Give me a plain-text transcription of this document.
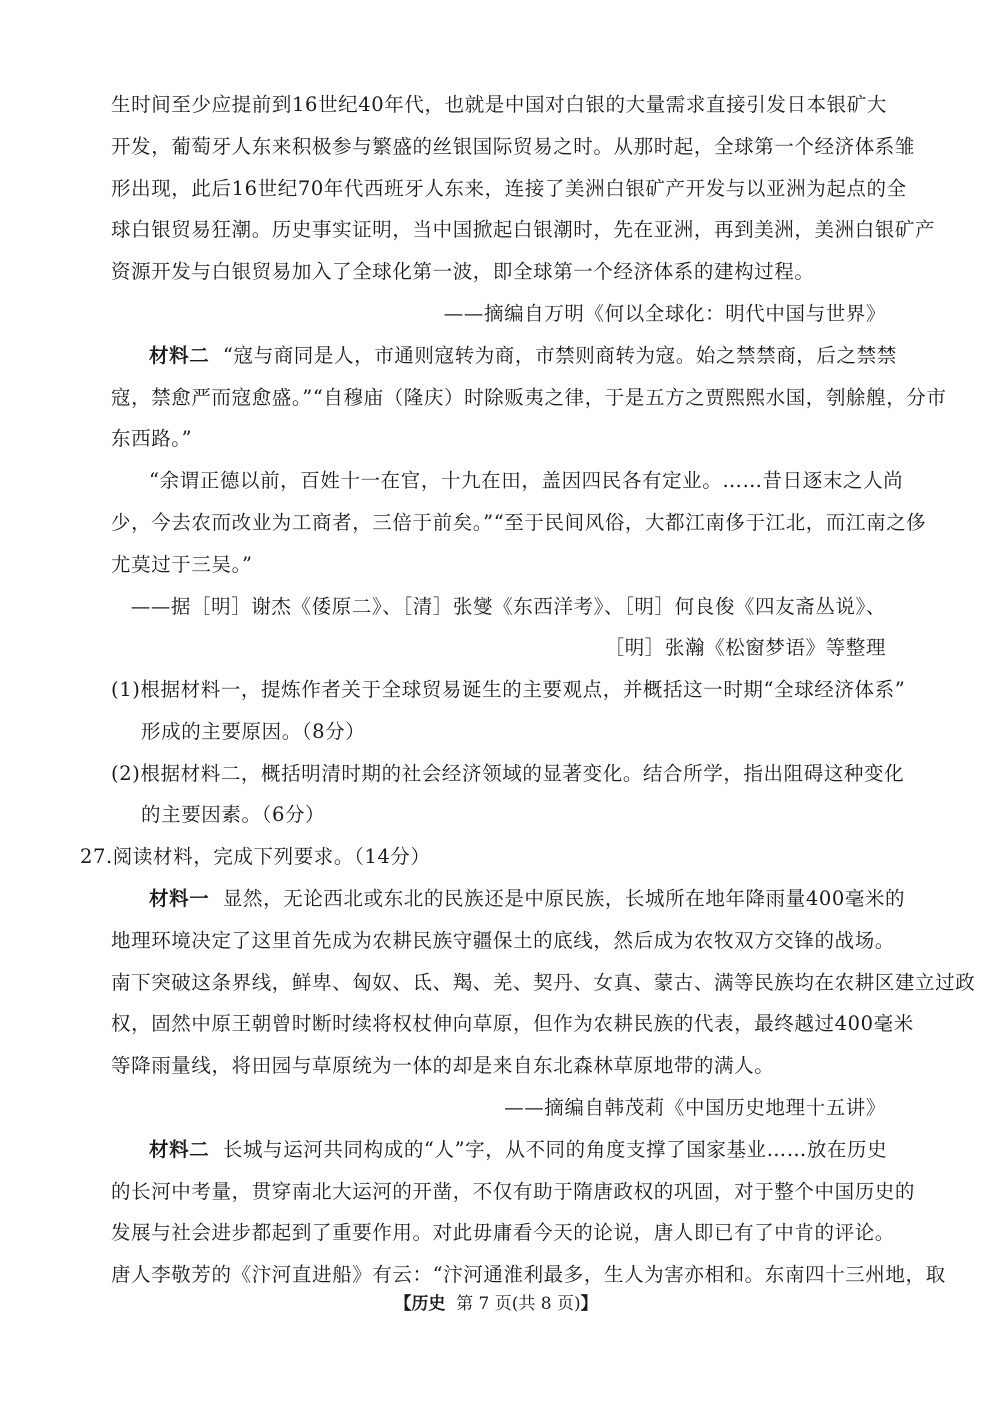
生时间至少应提前到16世纪40年代，也就是中国对白银的大量需求直接引发日本银矿大
开发，葡萄牙人东来积极参与繁盛的丝银国际贸易之时。从那时起，全球第一个经济体系雏
形出现，此后16世纪70年代西班牙人东来，连接了美洲白银矿产开发与以亚洲为起点的全
球白银贸易狂潮。历史事实证明，当中国掀起白银潮时，先在亚洲，再到美洲，美洲白银矿产
资源开发与白银贸易加入了全球化第一波，即全球第一个经济体系的建构过程。
——摘编自万明《何以全球化：明代中国与世界》
材料二 “寇与商同是人，市通则寇转为商，市禁则商转为寇。始之禁禁商，后之禁禁
寇，禁愈严而寇愈盛。”“自穆庙（隆庆）时除贩夷之律，于是五方之贾熙熙水国，刳艅艎，分市
东西路。”
“余谓正德以前，百姓十一在官，十九在田，盖因四民各有定业。……昔日逐末之人尚
少，今去农而改业为工商者，三倍于前矣。”“至于民间风俗，大都江南侈于江北，而江南之侈
尤莫过于三吴。”
——据［明］谢杰《倭原二》、［清］张燮《东西洋考》、［明］何良俊《四友斋丛说》、
［明］张瀚《松窗梦语》等整理
(1)根据材料一，提炼作者关于全球贸易诞生的主要观点，并概括这一时期“全球经济体系”
形成的主要原因。（8分）
(2)根据材料二，概括明清时期的社会经济领域的显著变化。结合所学，指出阻碍这种变化
的主要因素。（6分）
27.阅读材料，完成下列要求。（14分）
材料一 显然，无论西北或东北的民族还是中原民族，长城所在地年降雨量400毫米的
地理环境决定了这里首先成为农耕民族守疆保土的底线，然后成为农牧双方交锋的战场。
南下突破这条界线，鲜卑、匈奴、氐、羯、羌、契丹、女真、蒙古、满等民族均在农耕区建立过政
权，固然中原王朝曾时断时续将权杖伸向草原，但作为农耕民族的代表，最终越过400毫米
等降雨量线，将田园与草原统为一体的却是来自东北森林草原地带的满人。
——摘编自韩茂莉《中国历史地理十五讲》
材料二 长城与运河共同构成的“人”字，从不同的角度支撑了国家基业……放在历史
的长河中考量，贯穿南北大运河的开凿，不仅有助于隋唐政权的巩固，对于整个中国历史的
发展与社会进步都起到了重要作用。对此毋庸看今天的论说，唐人即已有了中肯的评论。
唐人李敬芳的《汴河直进船》有云：“汴河通淮利最多，生人为害亦相和。东南四十三州地，取
【历史 第 7 页(共 8 页)】
